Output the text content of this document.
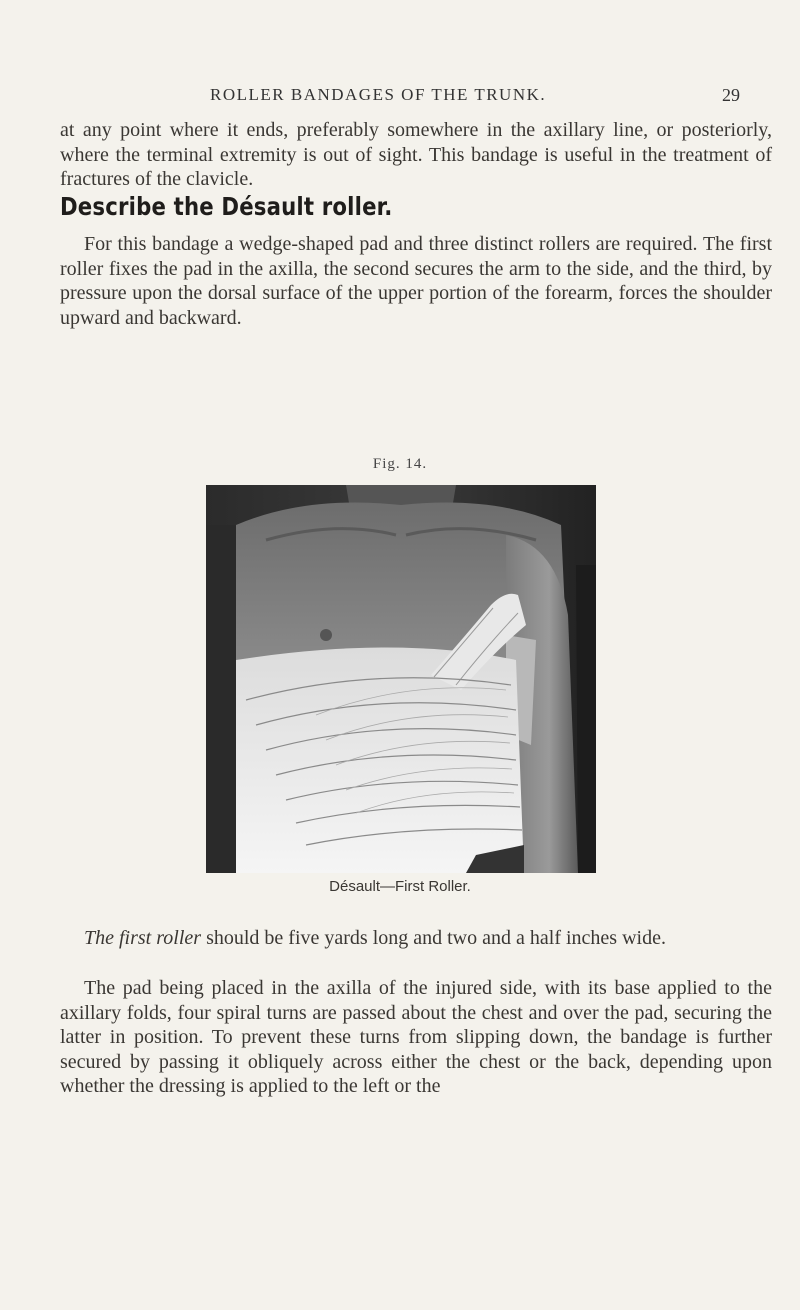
ROLLER BANDAGES OF THE TRUNK.	29

at any point where it ends, preferably somewhere in the axillary line, or posteriorly, where the terminal extremity is out of sight. This bandage is useful in the treatment of fractures of the clavicle.

Describe the Désault roller.

For this bandage a wedge-shaped pad and three distinct rollers are required. The first roller fixes the pad in the axilla, the second secures the arm to the side, and the third, by pressure upon the dorsal surface of the upper portion of the forearm, forces the shoulder upward and backward.

Fig. 14.
Désault—First Roller.

The first roller should be five yards long and two and a half inches wide.

The pad being placed in the axilla of the injured side, with its base applied to the axillary folds, four spiral turns are passed about the chest and over the pad, securing the latter in position. To prevent these turns from slipping down, the bandage is further secured by passing it obliquely across either the chest or the back, depending upon whether the dressing is applied to the left or the
